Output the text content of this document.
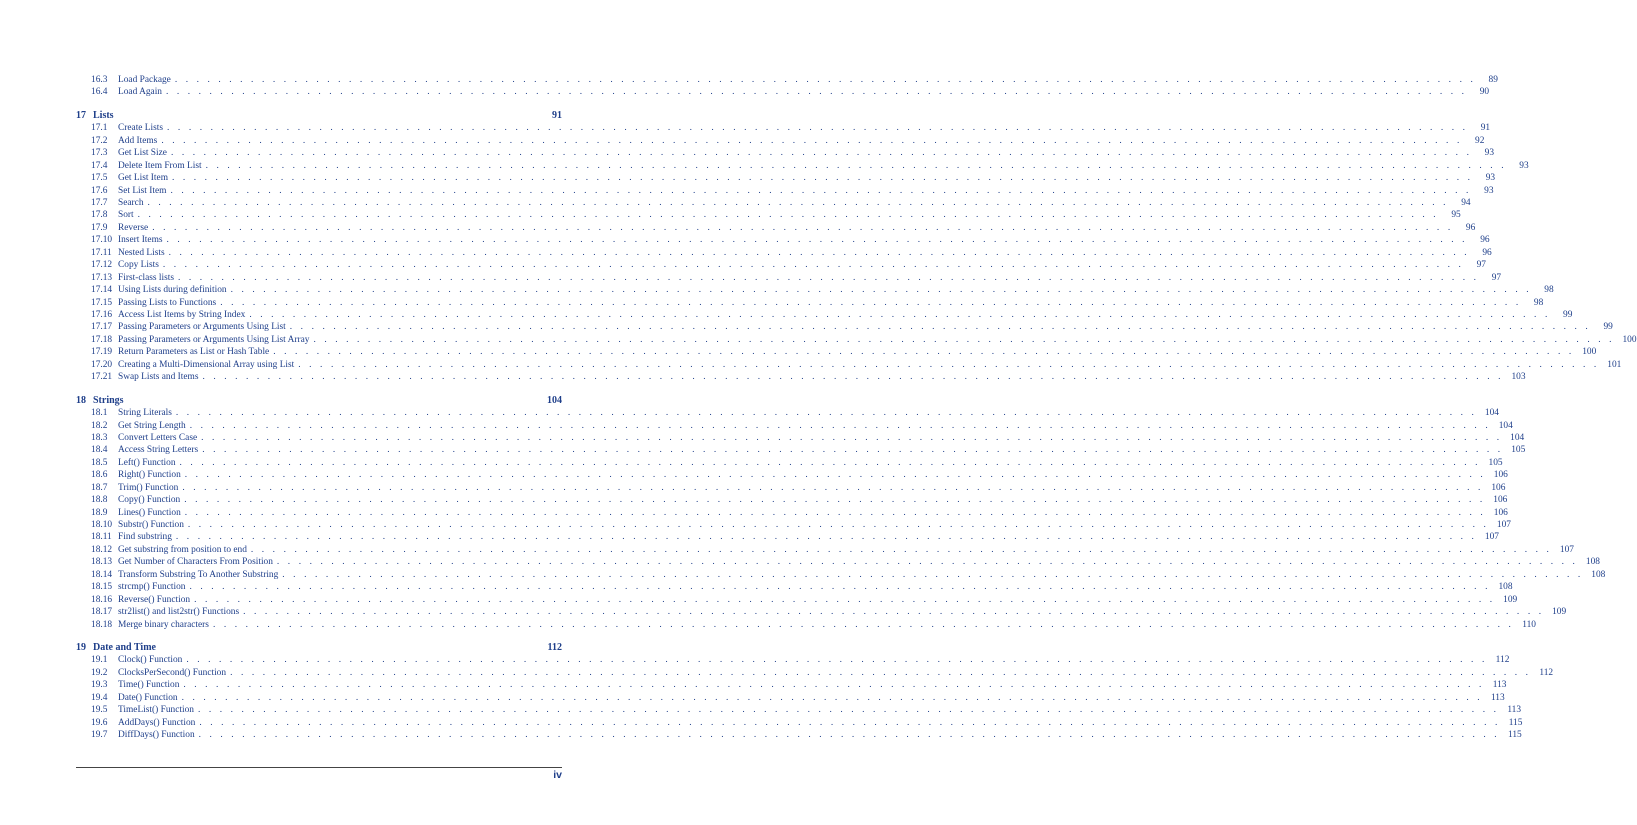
16.3 Load Package . . . . . . . . . . . . . . . . . . . . . . . . . . . . . . . . . . . . . . . . . . . . . . . . . . . . . . . . . . . . . . . . . . . . . . . . . . . . . . . . . . . . . . . . . . . . . . . . . . . . . . . . . . . . . . . . . . . . . . . .	89
16.4 Load Again . . . . . . . . . . . . . . . . . . . . . . . . . . . . . . . . . . . . . . . . . . . . . . . . . . . . . . . . . . . . . . . . . . . . . . . . . . . . . . . . . . . . . . . . . . . . . . . . . . . . . . . . . . . . . . . . . . . . . . . .	90
17 Lists	91
17.1 Create Lists . . . . . . . . . . . . . . . . . . . . . . . . . . . . . . . . . . . . . . . . . . . . . . . . . . . . . . . . . . . . . . . . . . . . . . . . . . . . . . . . . . . . . . . . . . . . . . . . . . . . . . . . . . . . . . . . . . . . . . . .	91
17.2 Add Items . . . . . . . . . . . . . . . . . . . . . . . . . . . . . . . . . . . . . . . . . . . . . . . . . . . . . . . . . . . . . . . . . . . . . . . . . . . . . . . . . . . . . . . . . . . . . . . . . . . . . . . . . . . . . . . . . . . . . . . .	92
17.3 Get List Size . . . . . . . . . . . . . . . . . . . . . . . . . . . . . . . . . . . . . . . . . . . . . . . . . . . . . . . . . . . . . . . . . . . . . . . . . . . . . . . . . . . . . . . . . . . . . . . . . . . . . . . . . . . . . . . . . . . . . . . .	93
17.4 Delete Item From List . . . . . . . . . . . . . . . . . . . . . . . . . . . . . . . . . . . . . . . . . . . . . . . . . . . . . . . . . . . . . . . . . . . . . . . . . . . . . . . . . . . . . . . . . . . . . . . . . . . . . . . . . . . . . . . . . . . . . . . .	93
17.5 Get List Item . . . . . . . . . . . . . . . . . . . . . . . . . . . . . . . . . . . . . . . . . . . . . . . . . . . . . . . . . . . . . . . . . . . . . . . . . . . . . . . . . . . . . . . . . . . . . . . . . . . . . . . . . . . . . . . . . . . . . . . .	93
17.6 Set List Item . . . . . . . . . . . . . . . . . . . . . . . . . . . . . . . . . . . . . . . . . . . . . . . . . . . . . . . . . . . . . . . . . . . . . . . . . . . . . . . . . . . . . . . . . . . . . . . . . . . . . . . . . . . . . . . . . . . . . . . .	93
17.7 Search . . . . . . . . . . . . . . . . . . . . . . . . . . . . . . . . . . . . . . . . . . . . . . . . . . . . . . . . . . . . . . . . . . . . . . . . . . . . . . . . . . . . . . . . . . . . . . . . . . . . . . . . . . . . . . . . . . . . . . . .	94
17.8 Sort . . . . . . . . . . . . . . . . . . . . . . . . . . . . . . . . . . . . . . . . . . . . . . . . . . . . . . . . . . . . . . . . . . . . . . . . . . . . . . . . . . . . . . . . . . . . . . . . . . . . . . . . . . . . . . . . . . . . . . . .	95
17.9 Reverse . . . . . . . . . . . . . . . . . . . . . . . . . . . . . . . . . . . . . . . . . . . . . . . . . . . . . . . . . . . . . . . . . . . . . . . . . . . . . . . . . . . . . . . . . . . . . . . . . . . . . . . . . . . . . . . . . . . . . . . .	96
17.10 Insert Items . . . . . . . . . . . . . . . . . . . . . . . . . . . . . . . . . . . . . . . . . . . . . . . . . . . . . . . . . . . . . . . . . . . . . . . . . . . . . . . . . . . . . . . . . . . . . . . . . . . . . . . . . . . . . . . . . . . . . . . .	96
17.11 Nested Lists . . . . . . . . . . . . . . . . . . . . . . . . . . . . . . . . . . . . . . . . . . . . . . . . . . . . . . . . . . . . . . . . . . . . . . . . . . . . . . . . . . . . . . . . . . . . . . . . . . . . . . . . . . . . . . . . . . . . . . . .	96
17.12 Copy Lists . . . . . . . . . . . . . . . . . . . . . . . . . . . . . . . . . . . . . . . . . . . . . . . . . . . . . . . . . . . . . . . . . . . . . . . . . . . . . . . . . . . . . . . . . . . . . . . . . . . . . . . . . . . . . . . . . . . . . . . .	97
17.13 First-class lists . . . . . . . . . . . . . . . . . . . . . . . . . . . . . . . . . . . . . . . . . . . . . . . . . . . . . . . . . . . . . . . . . . . . . . . . . . . . . . . . . . . . . . . . . . . . . . . . . . . . . . . . . . . . . . . . . . . . . . . .	97
17.14 Using Lists during definition . . . . . . . . . . . . . . . . . . . . . . . . . . . . . . . . . . . . . . . . . . . . . . . . . . . . . . . . . . . . . . . . . . . . . . . . . . . . . . . . . . . . . . . . . . . . . . . . . . . . . . . . . . . . . . . . . . . . . . . .	98
17.15 Passing Lists to Functions . . . . . . . . . . . . . . . . . . . . . . . . . . . . . . . . . . . . . . . . . . . . . . . . . . . . . . . . . . . . . . . . . . . . . . . . . . . . . . . . . . . . . . . . . . . . . . . . . . . . . . . . . . . . . . . . . . . . . . . .	98
17.16 Access List Items by String Index . . . . . . . . . . . . . . . . . . . . . . . . . . . . . . . . . . . . . . . . . . . . . . . . . . . . . . . . . . . . . . . . . . . . . . . . . . . . . . . . . . . . . . . . . . . . . . . . . . . . . . . . . . . . . . . . . . . . . . . .	99
17.17 Passing Parameters or Arguments Using List . . . . . . . . . . . . . . . . . . . . . . . . . . . . . . . . . . . . . . . . . . . . . . . . . . . . . . . . . . . . . . . . . . . . . . . . . . . . . . . . . . . . . . . . . . . . . . . . . . . . . . . . . . . . . . . . . . . . . . . .	99
17.18 Passing Parameters or Arguments Using List Array . . . . . . . . . . . . . . . . . . . . . . . . . . . . . . . . . . . . . . . . . . . . . . . . . . . . . . . . . . . . . . . . . . . . . . . . . . . . . . . . . . . . . . . . . . . . . . . . . . . . . . . . . . . . . . . . . . . . . . . . 100
17.19 Return Parameters as List or Hash Table . . . . . . . . . . . . . . . . . . . . . . . . . . . . . . . . . . . . . . . . . . . . . . . . . . . . . . . . . . . . . . . . . . . . . . . . . . . . . . . . . . . . . . . . . . . . . . . . . . . . . . . . . . . . . . . . . . . . . . . . 100
17.20 Creating a Multi-Dimensional Array using List . . . . . . . . . . . . . . . . . . . . . . . . . . . . . . . . . . . . . . . . . . . . . . . . . . . . . . . . . . . . . . . . . . . . . . . . . . . . . . . . . . . . . . . . . . . . . . . . . . . . . . . . . . . . . . . . . . . . . . . . 101
17.21 Swap Lists and Items . . . . . . . . . . . . . . . . . . . . . . . . . . . . . . . . . . . . . . . . . . . . . . . . . . . . . . . . . . . . . . . . . . . . . . . . . . . . . . . . . . . . . . . . . . . . . . . . . . . . . . . . . . . . . . . . . . . . . . . . 103
18 Strings	104
18.1 String Literals . . . . . . . . . . . . . . . . . . . . . . . . . . . . . . . . . . . . . . . . . . . . . . . . . . . . . . . . . . . . . . . . . . . . . . . . . . . . . . . . . . . . . . . . . . . . . . . . . . . . . . . . . . . . . . . . . . . . . . . . 104
18.2 Get String Length . . . . . . . . . . . . . . . . . . . . . . . . . . . . . . . . . . . . . . . . . . . . . . . . . . . . . . . . . . . . . . . . . . . . . . . . . . . . . . . . . . . . . . . . . . . . . . . . . . . . . . . . . . . . . . . . . . . . . . . . 104
18.3 Convert Letters Case . . . . . . . . . . . . . . . . . . . . . . . . . . . . . . . . . . . . . . . . . . . . . . . . . . . . . . . . . . . . . . . . . . . . . . . . . . . . . . . . . . . . . . . . . . . . . . . . . . . . . . . . . . . . . . . . . . . . . . . . 104
18.4 Access String Letters . . . . . . . . . . . . . . . . . . . . . . . . . . . . . . . . . . . . . . . . . . . . . . . . . . . . . . . . . . . . . . . . . . . . . . . . . . . . . . . . . . . . . . . . . . . . . . . . . . . . . . . . . . . . . . . . . . . . . . . . 105
18.5 Left() Function . . . . . . . . . . . . . . . . . . . . . . . . . . . . . . . . . . . . . . . . . . . . . . . . . . . . . . . . . . . . . . . . . . . . . . . . . . . . . . . . . . . . . . . . . . . . . . . . . . . . . . . . . . . . . . . . . . . . . . . . 105
18.6 Right() Function . . . . . . . . . . . . . . . . . . . . . . . . . . . . . . . . . . . . . . . . . . . . . . . . . . . . . . . . . . . . . . . . . . . . . . . . . . . . . . . . . . . . . . . . . . . . . . . . . . . . . . . . . . . . . . . . . . . . . . . . 106
18.7 Trim() Function . . . . . . . . . . . . . . . . . . . . . . . . . . . . . . . . . . . . . . . . . . . . . . . . . . . . . . . . . . . . . . . . . . . . . . . . . . . . . . . . . . . . . . . . . . . . . . . . . . . . . . . . . . . . . . . . . . . . . . . . 106
18.8 Copy() Function . . . . . . . . . . . . . . . . . . . . . . . . . . . . . . . . . . . . . . . . . . . . . . . . . . . . . . . . . . . . . . . . . . . . . . . . . . . . . . . . . . . . . . . . . . . . . . . . . . . . . . . . . . . . . . . . . . . . . . . . 106
18.9 Lines() Function . . . . . . . . . . . . . . . . . . . . . . . . . . . . . . . . . . . . . . . . . . . . . . . . . . . . . . . . . . . . . . . . . . . . . . . . . . . . . . . . . . . . . . . . . . . . . . . . . . . . . . . . . . . . . . . . . . . . . . . . 106
18.10 Substr() Function . . . . . . . . . . . . . . . . . . . . . . . . . . . . . . . . . . . . . . . . . . . . . . . . . . . . . . . . . . . . . . . . . . . . . . . . . . . . . . . . . . . . . . . . . . . . . . . . . . . . . . . . . . . . . . . . . . . . . . . . 107
18.11 Find substring . . . . . . . . . . . . . . . . . . . . . . . . . . . . . . . . . . . . . . . . . . . . . . . . . . . . . . . . . . . . . . . . . . . . . . . . . . . . . . . . . . . . . . . . . . . . . . . . . . . . . . . . . . . . . . . . . . . . . . . . 107
18.12 Get substring from position to end . . . . . . . . . . . . . . . . . . . . . . . . . . . . . . . . . . . . . . . . . . . . . . . . . . . . . . . . . . . . . . . . . . . . . . . . . . . . . . . . . . . . . . . . . . . . . . . . . . . . . . . . . . . . . . . . . . . . . . . . 107
18.13 Get Number of Characters From Position . . . . . . . . . . . . . . . . . . . . . . . . . . . . . . . . . . . . . . . . . . . . . . . . . . . . . . . . . . . . . . . . . . . . . . . . . . . . . . . . . . . . . . . . . . . . . . . . . . . . . . . . . . . . . . . . . . . . . . . . 108
18.14 Transform Substring To Another Substring . . . . . . . . . . . . . . . . . . . . . . . . . . . . . . . . . . . . . . . . . . . . . . . . . . . . . . . . . . . . . . . . . . . . . . . . . . . . . . . . . . . . . . . . . . . . . . . . . . . . . . . . . . . . . . . . . . . . . . . . 108
18.15 strcmp() Function . . . . . . . . . . . . . . . . . . . . . . . . . . . . . . . . . . . . . . . . . . . . . . . . . . . . . . . . . . . . . . . . . . . . . . . . . . . . . . . . . . . . . . . . . . . . . . . . . . . . . . . . . . . . . . . . . . . . . . . . 108
18.16 Reverse() Function . . . . . . . . . . . . . . . . . . . . . . . . . . . . . . . . . . . . . . . . . . . . . . . . . . . . . . . . . . . . . . . . . . . . . . . . . . . . . . . . . . . . . . . . . . . . . . . . . . . . . . . . . . . . . . . . . . . . . . . . 109
18.17 str2list() and list2str() Functions . . . . . . . . . . . . . . . . . . . . . . . . . . . . . . . . . . . . . . . . . . . . . . . . . . . . . . . . . . . . . . . . . . . . . . . . . . . . . . . . . . . . . . . . . . . . . . . . . . . . . . . . . . . . . . . . . . . . . . . . 109
18.18 Merge binary characters . . . . . . . . . . . . . . . . . . . . . . . . . . . . . . . . . . . . . . . . . . . . . . . . . . . . . . . . . . . . . . . . . . . . . . . . . . . . . . . . . . . . . . . . . . . . . . . . . . . . . . . . . . . . . . . . . . . . . . . . 110
19 Date and Time	112
19.1 Clock() Function . . . . . . . . . . . . . . . . . . . . . . . . . . . . . . . . . . . . . . . . . . . . . . . . . . . . . . . . . . . . . . . . . . . . . . . . . . . . . . . . . . . . . . . . . . . . . . . . . . . . . . . . . . . . . . . . . . . . . . . . 112
19.2 ClocksPerSecond() Function . . . . . . . . . . . . . . . . . . . . . . . . . . . . . . . . . . . . . . . . . . . . . . . . . . . . . . . . . . . . . . . . . . . . . . . . . . . . . . . . . . . . . . . . . . . . . . . . . . . . . . . . . . . . . . . . . . . . . . . . 112
19.3 Time() Function . . . . . . . . . . . . . . . . . . . . . . . . . . . . . . . . . . . . . . . . . . . . . . . . . . . . . . . . . . . . . . . . . . . . . . . . . . . . . . . . . . . . . . . . . . . . . . . . . . . . . . . . . . . . . . . . . . . . . . . . 113
19.4 Date() Function . . . . . . . . . . . . . . . . . . . . . . . . . . . . . . . . . . . . . . . . . . . . . . . . . . . . . . . . . . . . . . . . . . . . . . . . . . . . . . . . . . . . . . . . . . . . . . . . . . . . . . . . . . . . . . . . . . . . . . . . 113
19.5 TimeList() Function . . . . . . . . . . . . . . . . . . . . . . . . . . . . . . . . . . . . . . . . . . . . . . . . . . . . . . . . . . . . . . . . . . . . . . . . . . . . . . . . . . . . . . . . . . . . . . . . . . . . . . . . . . . . . . . . . . . . . . . . 113
19.6 AddDays() Function . . . . . . . . . . . . . . . . . . . . . . . . . . . . . . . . . . . . . . . . . . . . . . . . . . . . . . . . . . . . . . . . . . . . . . . . . . . . . . . . . . . . . . . . . . . . . . . . . . . . . . . . . . . . . . . . . . . . . . . . 115
19.7 DiffDays() Function . . . . . . . . . . . . . . . . . . . . . . . . . . . . . . . . . . . . . . . . . . . . . . . . . . . . . . . . . . . . . . . . . . . . . . . . . . . . . . . . . . . . . . . . . . . . . . . . . . . . . . . . . . . . . . . . . . . . . . . . 115
iv
